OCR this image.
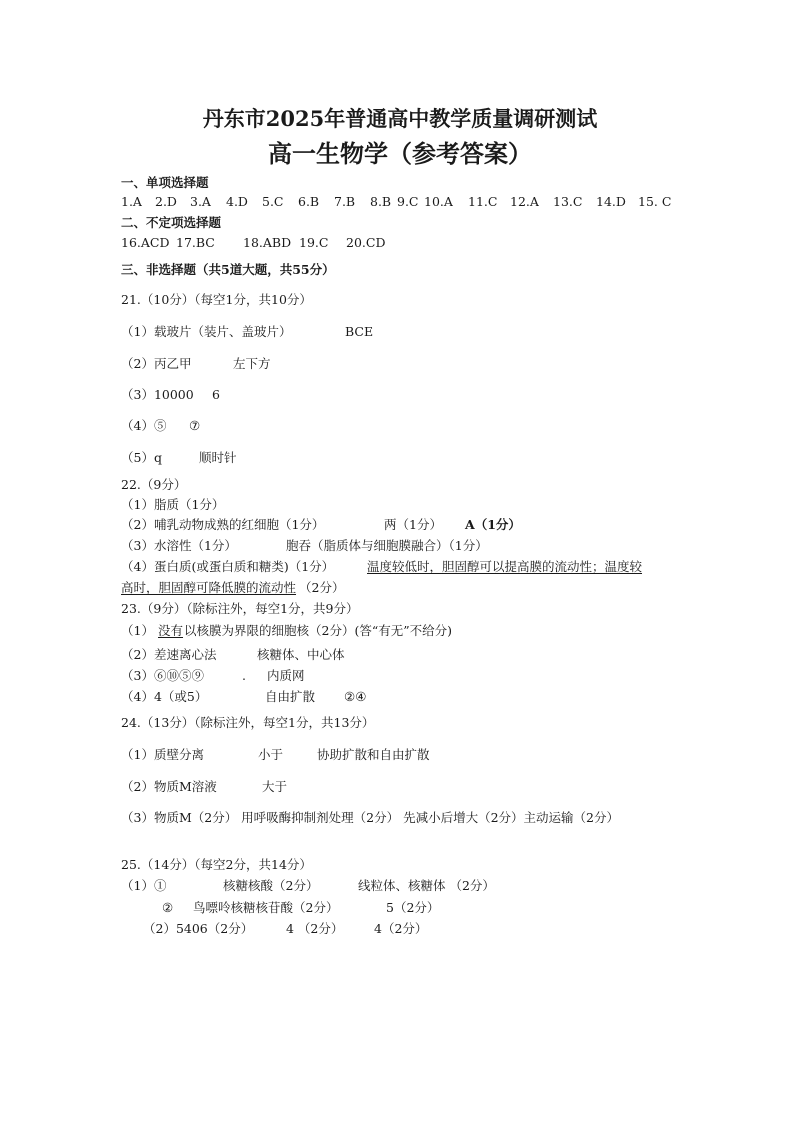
丹东市2025年普通高中教学质量调研测试
高一生物学（参考答案）
一、单项选择题
1.A 2.D 3.A 4.D 5.C 6.B 7.B 8.B 9.C 10.A 11.C 12.A 13.C 14.D 15. C
二、不定项选择题
16.ACD 17.BC 18.ABD 19.C 20.CD
三、非选择题（共5道大题，共55分）
21.（10分）（每空1分，共10分）
（1）载玻片（装片、盖玻片）	BCE
（2）丙乙甲	左下方
（3）10000 6
（4）⑤ ⑦
（5）q	顺时针
22.（9分）
（1）脂质（1分）
（2）哺乳动物成熟的红细胞（1分）	两（1分） A（1分）
（3）水溶性（1分）	胞吞（脂质体与细胞膜融合）（1分）
（4）蛋白质(或蛋白质和糖类)（1分）	温度较低时，胆固醇可以提高膜的流动性；温度较
高时，胆固醇可降低膜的流动性 （2分）
23.（9分）（除标注外，每空1分，共9分）
（1） 没有 以核膜为界限的细胞核（2分）(答“有无”不给分)
（2）差速离心法	核糖体、中心体
（3）⑥⑩⑤⑨	. 内质网
（4）4（或5）	自由扩散 ②④
24.（13分）（除标注外，每空1分，共13分）
（1）质壁分离	小于	协助扩散和自由扩散
（2）物质M溶液	大于
（3）物质M（2分） 用呼吸酶抑制剂处理（2分） 先减小后增大（2分）主动运输（2分）
25.（14分）（每空2分，共14分）
（1）①	核糖核酸（2分）	线粒体、核糖体 （2分）
② 鸟嘌呤核糖核苷酸（2分）	5（2分）
（2）5406（2分）	4 （2分） 4（2分）
